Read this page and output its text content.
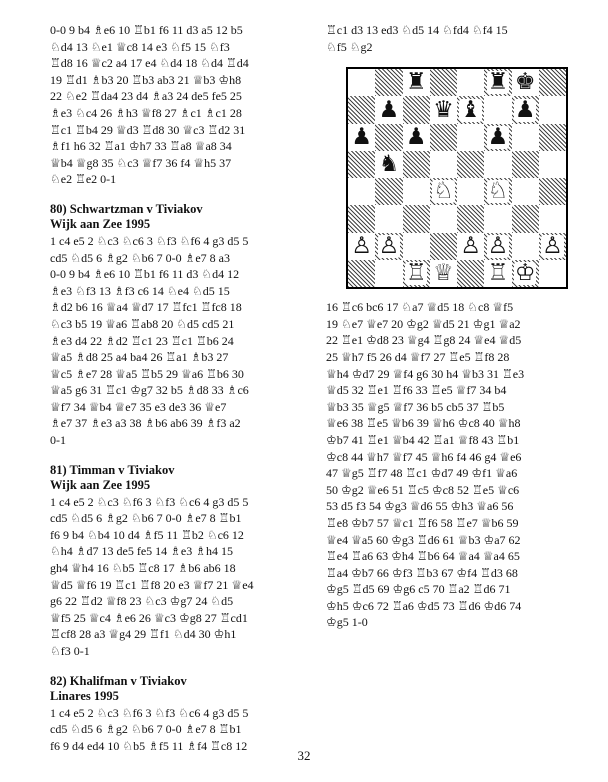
0-0 9 b4 ♗e6 10 ♖b1 f6 11 d3 a5 12 b5
♘d4 13 ♘e1 ♕c8 14 e3 ♘f5 15 ♘f3
♖d8 16 ♕c2 a4 17 e4 ♘d4 18 ♘d4 ♖d4
19 ♖d1 ♗b3 20 ♖b3 ab3 21 ♕b3 ♔h8
22 ♘e2 ♖da4 23 d4 ♗a3 24 de5 fe5 25
♗e3 ♘c4 26 ♗h3 ♕f8 27 ♗c1 ♗c1 28
♖c1 ♖b4 29 ♕d3 ♖d8 30 ♕c3 ♖d2 31
♗f1 h6 32 ♖a1 ♔h7 33 ♖a8 ♕a8 34
♕b4 ♕g8 35 ♘c3 ♕f7 36 f4 ♕h5 37
♘e2 ♖e2 0-1

80) Schwartzman v Tiviakov
Wijk aan Zee 1995

1 c4 e5 2 ♘c3 ♘c6 3 ♘f3 ♘f6 4 g3 d5 5
cd5 ♘d5 6 ♗g2 ♘b6 7 0-0 ♗e7 8 a3
0-0 9 b4 ♗e6 10 ♖b1 f6 11 d3 ♘d4 12
♗e3 ♘f3 13 ♗f3 c6 14 ♘e4 ♘d5 15
♗d2 b6 16 ♕a4 ♕d7 17 ♖fc1 ♖fc8 18
♘c3 b5 19 ♕a6 ♖ab8 20 ♘d5 cd5 21
♗e3 d4 22 ♗d2 ♖c1 23 ♖c1 ♖b6 24
♕a5 ♗d8 25 a4 ba4 26 ♖a1 ♗b3 27
♕c5 ♗e7 28 ♕a5 ♖b5 29 ♕a6 ♖b6 30
♕a5 g6 31 ♖c1 ♔g7 32 b5 ♗d8 33 ♗c6
♕f7 34 ♕b4 ♕e7 35 e3 de3 36 ♕e7
♗e7 37 ♗e3 a3 38 ♗b6 ab6 39 ♗f3 a2
0-1

81) Timman v Tiviakov
Wijk aan Zee 1995

1 c4 e5 2 ♘c3 ♘f6 3 ♘f3 ♘c6 4 g3 d5 5
cd5 ♘d5 6 ♗g2 ♘b6 7 0-0 ♗e7 8 ♖b1
f6 9 b4 ♘b4 10 d4 ♗f5 11 ♖b2 ♘c6 12
♘h4 ♗d7 13 de5 fe5 14 ♗e3 ♗h4 15
gh4 ♕h4 16 ♘b5 ♖c8 17 ♗b6 ab6 18
♕d5 ♕f6 19 ♖c1 ♖f8 20 e3 ♕f7 21 ♕e4
g6 22 ♖d2 ♕f8 23 ♘c3 ♔g7 24 ♘d5
♕f5 25 ♕c4 ♗e6 26 ♕c3 ♔g8 27 ♖cd1
♖cf8 28 a3 ♕g4 29 ♖f1 ♘d4 30 ♔h1
♘f3 0-1

82) Khalifman v Tiviakov
Linares 1995

1 c4 e5 2 ♘c3 ♘f6 3 ♘f3 ♘c6 4 g3 d5 5
cd5 ♘d5 6 ♗g2 ♘b6 7 0-0 ♗e7 8 ♖b1
f6 9 d4 ed4 10 ♘b5 ♗f5 11 ♗f4 ♖c8 12

♖c1 d3 13 ed3 ♘d5 14 ♘fd4 ♘f4 15
♘f5 ♘g2

♜	♜ ♚
♟ ♛ ♝ ♟
♟ ♟	♟
♞
♘ ♘
♙ ♙	♙ ♙ ♙
♖ ♕ ♖ ♔

16 ♖c6 bc6 17 ♘a7 ♕d5 18 ♘c8 ♕f5
19 ♘e7 ♕e7 20 ♔g2 ♕d5 21 ♔g1 ♕a2
22 ♖e1 ♔d8 23 ♕g4 ♖g8 24 ♕e4 ♕d5
25 ♕h7 f5 26 d4 ♕f7 27 ♖e5 ♖f8 28
♕h4 ♔d7 29 ♕f4 g6 30 h4 ♕b3 31 ♖e3
♕d5 32 ♖e1 ♖f6 33 ♖e5 ♕f7 34 b4
♕b3 35 ♕g5 ♕f7 36 b5 cb5 37 ♖b5
♕e6 38 ♖e5 ♕b6 39 ♕h6 ♔c8 40 ♕h8
♔b7 41 ♖e1 ♕b4 42 ♖a1 ♕f8 43 ♖b1
♔c8 44 ♕h7 ♕f7 45 ♕h6 f4 46 g4 ♕e6
47 ♕g5 ♖f7 48 ♖c1 ♔d7 49 ♔f1 ♕a6
50 ♔g2 ♕e6 51 ♖c5 ♔c8 52 ♖e5 ♕c6
53 d5 f3 54 ♔g3 ♕d6 55 ♔h3 ♕a6 56
♖e8 ♔b7 57 ♕c1 ♖f6 58 ♖e7 ♕b6 59
♕e4 ♕a5 60 ♔g3 ♖d6 61 ♕b3 ♔a7 62
♖e4 ♖a6 63 ♔h4 ♖b6 64 ♕a4 ♕a4 65
♖a4 ♔b7 66 ♔f3 ♖b3 67 ♔f4 ♖d3 68
♔g5 ♖d5 69 ♔g6 c5 70 ♖a2 ♖d6 71
♔h5 ♔c6 72 ♖a6 ♔d5 73 ♖d6 ♔d6 74
♔g5 1-0

32
